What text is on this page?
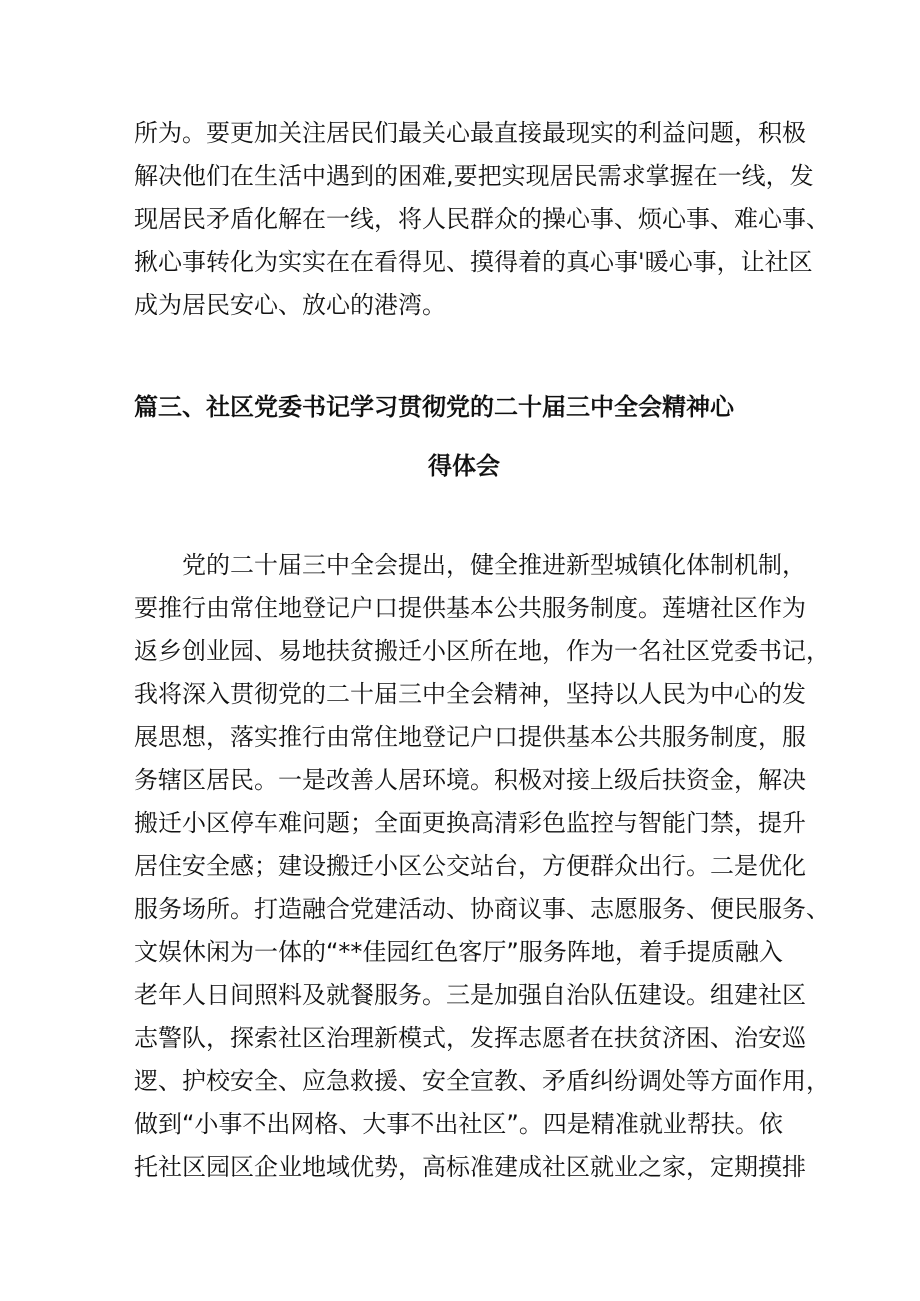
所为。要更加关注居民们最关心最直接最现实的利益问题，积极
解决他们在生活中遇到的困难,要把实现居民需求掌握在一线，发
现居民矛盾化解在一线，将人民群众的操心事、烦心事、难心事、
揪心事转化为实实在在看得见、摸得着的真心事'暖心事，让社区
成为居民安心、放心的港湾。
篇三、社区党委书记学习贯彻党的二十届三中全会精神心
得体会
党的二十届三中全会提出，健全推进新型城镇化体制机制，
要推行由常住地登记户口提供基本公共服务制度。莲塘社区作为
返乡创业园、易地扶贫搬迁小区所在地，作为一名社区党委书记，
我将深入贯彻党的二十届三中全会精神，坚持以人民为中心的发
展思想，落实推行由常住地登记户口提供基本公共服务制度，服
务辖区居民。一是改善人居环境。积极对接上级后扶资金，解决
搬迁小区停车难问题；全面更换高清彩色监控与智能门禁，提升
居住安全感；建设搬迁小区公交站台，方便群众出行。二是优化
服务场所。打造融合党建活动、协商议事、志愿服务、便民服务、
文娱休闲为一体的“**佳园红色客厅”服务阵地，着手提质融入
老年人日间照料及就餐服务。三是加强自治队伍建设。组建社区
志警队，探索社区治理新模式，发挥志愿者在扶贫济困、治安巡
逻、护校安全、应急救援、安全宣教、矛盾纠纷调处等方面作用，
做到“小事不出网格、大事不出社区”。四是精准就业帮扶。依
托社区园区企业地域优势，高标准建成社区就业之家，定期摸排
